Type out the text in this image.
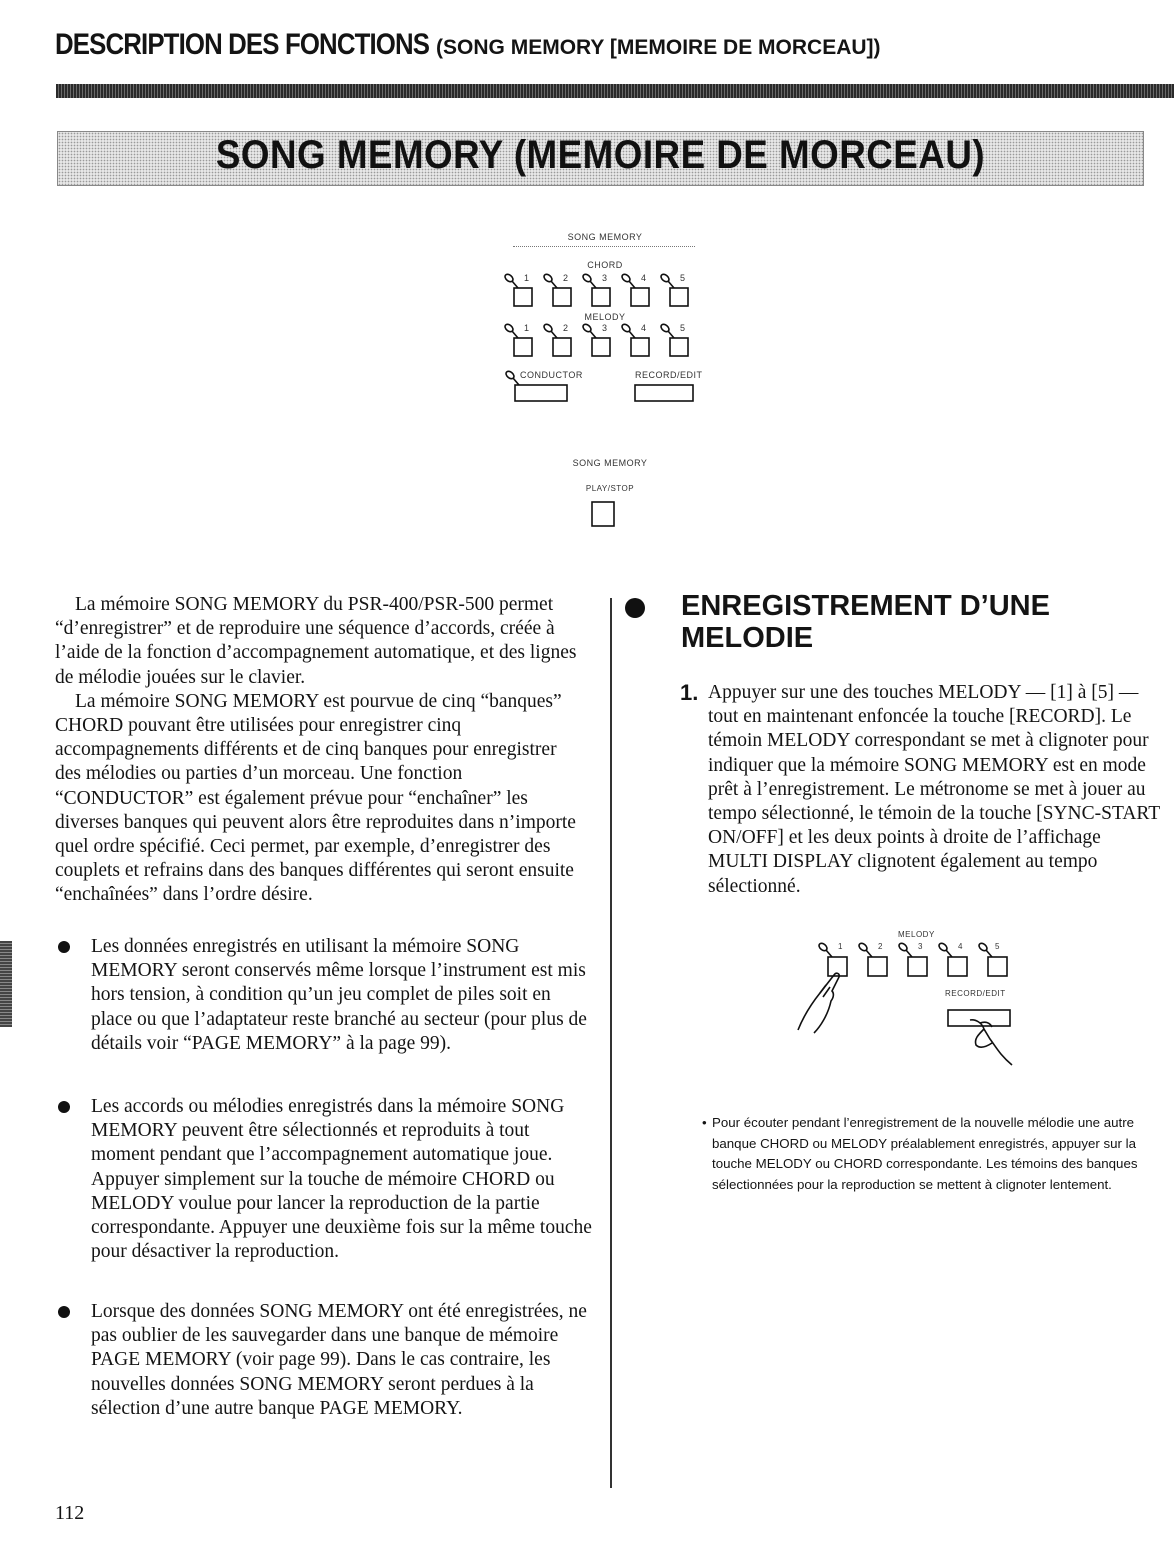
DESCRIPTION DES FONCTIONS (SONG MEMORY [MEMOIRE DE MORCEAU])
SONG MEMORY (MEMOIRE DE MORCEAU)
SONG MEMORY
CHORD
1	2	3	4	5
MELODY
1	2	3	4	5
CONDUCTOR	RECORD/EDIT
SONG MEMORY
PLAY/STOP

La mémoire SONG MEMORY du PSR-400/PSR-500 permet “d’enregistrer” et de reproduire une séquence d’accords, créée à l’aide de la fonction d’accompagnement automatique, et des lignes de mélodie jouées sur le clavier.

La mémoire SONG MEMORY est pourvue de cinq “banques” CHORD pouvant être utilisées pour enregistrer cinq accompagnements différents et de cinq banques pour enregistrer des mélodies ou parties d’un morceau. Une fonction “CONDUCTOR” est également prévue pour “enchaîner” les diverses banques qui peuvent alors être reproduites dans n’importe quel ordre spécifié. Ceci permet, par exemple, d’enregistrer des couplets et refrains dans des banques différentes qui seront ensuite “enchaînées” dans l’ordre désire.

Les données enregistrés en utilisant la mémoire SONG MEMORY seront conservés même lorsque l’instrument est mis hors tension, à condition qu’un jeu complet de piles soit en place ou que l’adaptateur reste branché au secteur (pour plus de détails voir “PAGE MEMORY” à la page 99).
Les accords ou mélodies enregistrés dans la mémoire SONG MEMORY peuvent être sélectionnés et reproduits à tout moment pendant que l’accompagnement automatique joue. Appuyer simplement sur la touche de mémoire CHORD ou MELODY voulue pour lancer la reproduction de la partie correspondante. Appuyer une deuxième fois sur la même touche pour désactiver la reproduction.
Lorsque des données SONG MEMORY ont été enregistrées, ne pas oublier de les sauvegarder dans une banque de mémoire PAGE MEMORY (voir page 99). Dans le cas contraire, les nouvelles données SONG MEMORY seront perdues à la sélection d’une autre banque PAGE MEMORY.
ENREGISTREMENT D’UNE MELODIE
1. Appuyer sur une des touches MELODY — [1] à [5] — tout en maintenant enfoncée la touche [RECORD]. Le témoin MELODY correspondant se met à clignoter pour indiquer que la mémoire SONG MEMORY est en mode prêt à l’enregistrement. Le métronome se met à jouer au tempo sélectionné, le témoin de la touche [SYNC-START ON/OFF] et les deux points à droite de l’affichage MULTI DISPLAY clignotent également au tempo sélectionné.
MELODY
1	2	3	4	5
RECORD/EDIT
• Pour écouter pendant l’enregistrement de la nouvelle mélodie une autre banque CHORD ou MELODY préalablement enregistrés, appuyer sur la touche MELODY ou CHORD correspondante. Les témoins des banques sélectionnées pour la reproduction se mettent à clignoter lentement.
112
